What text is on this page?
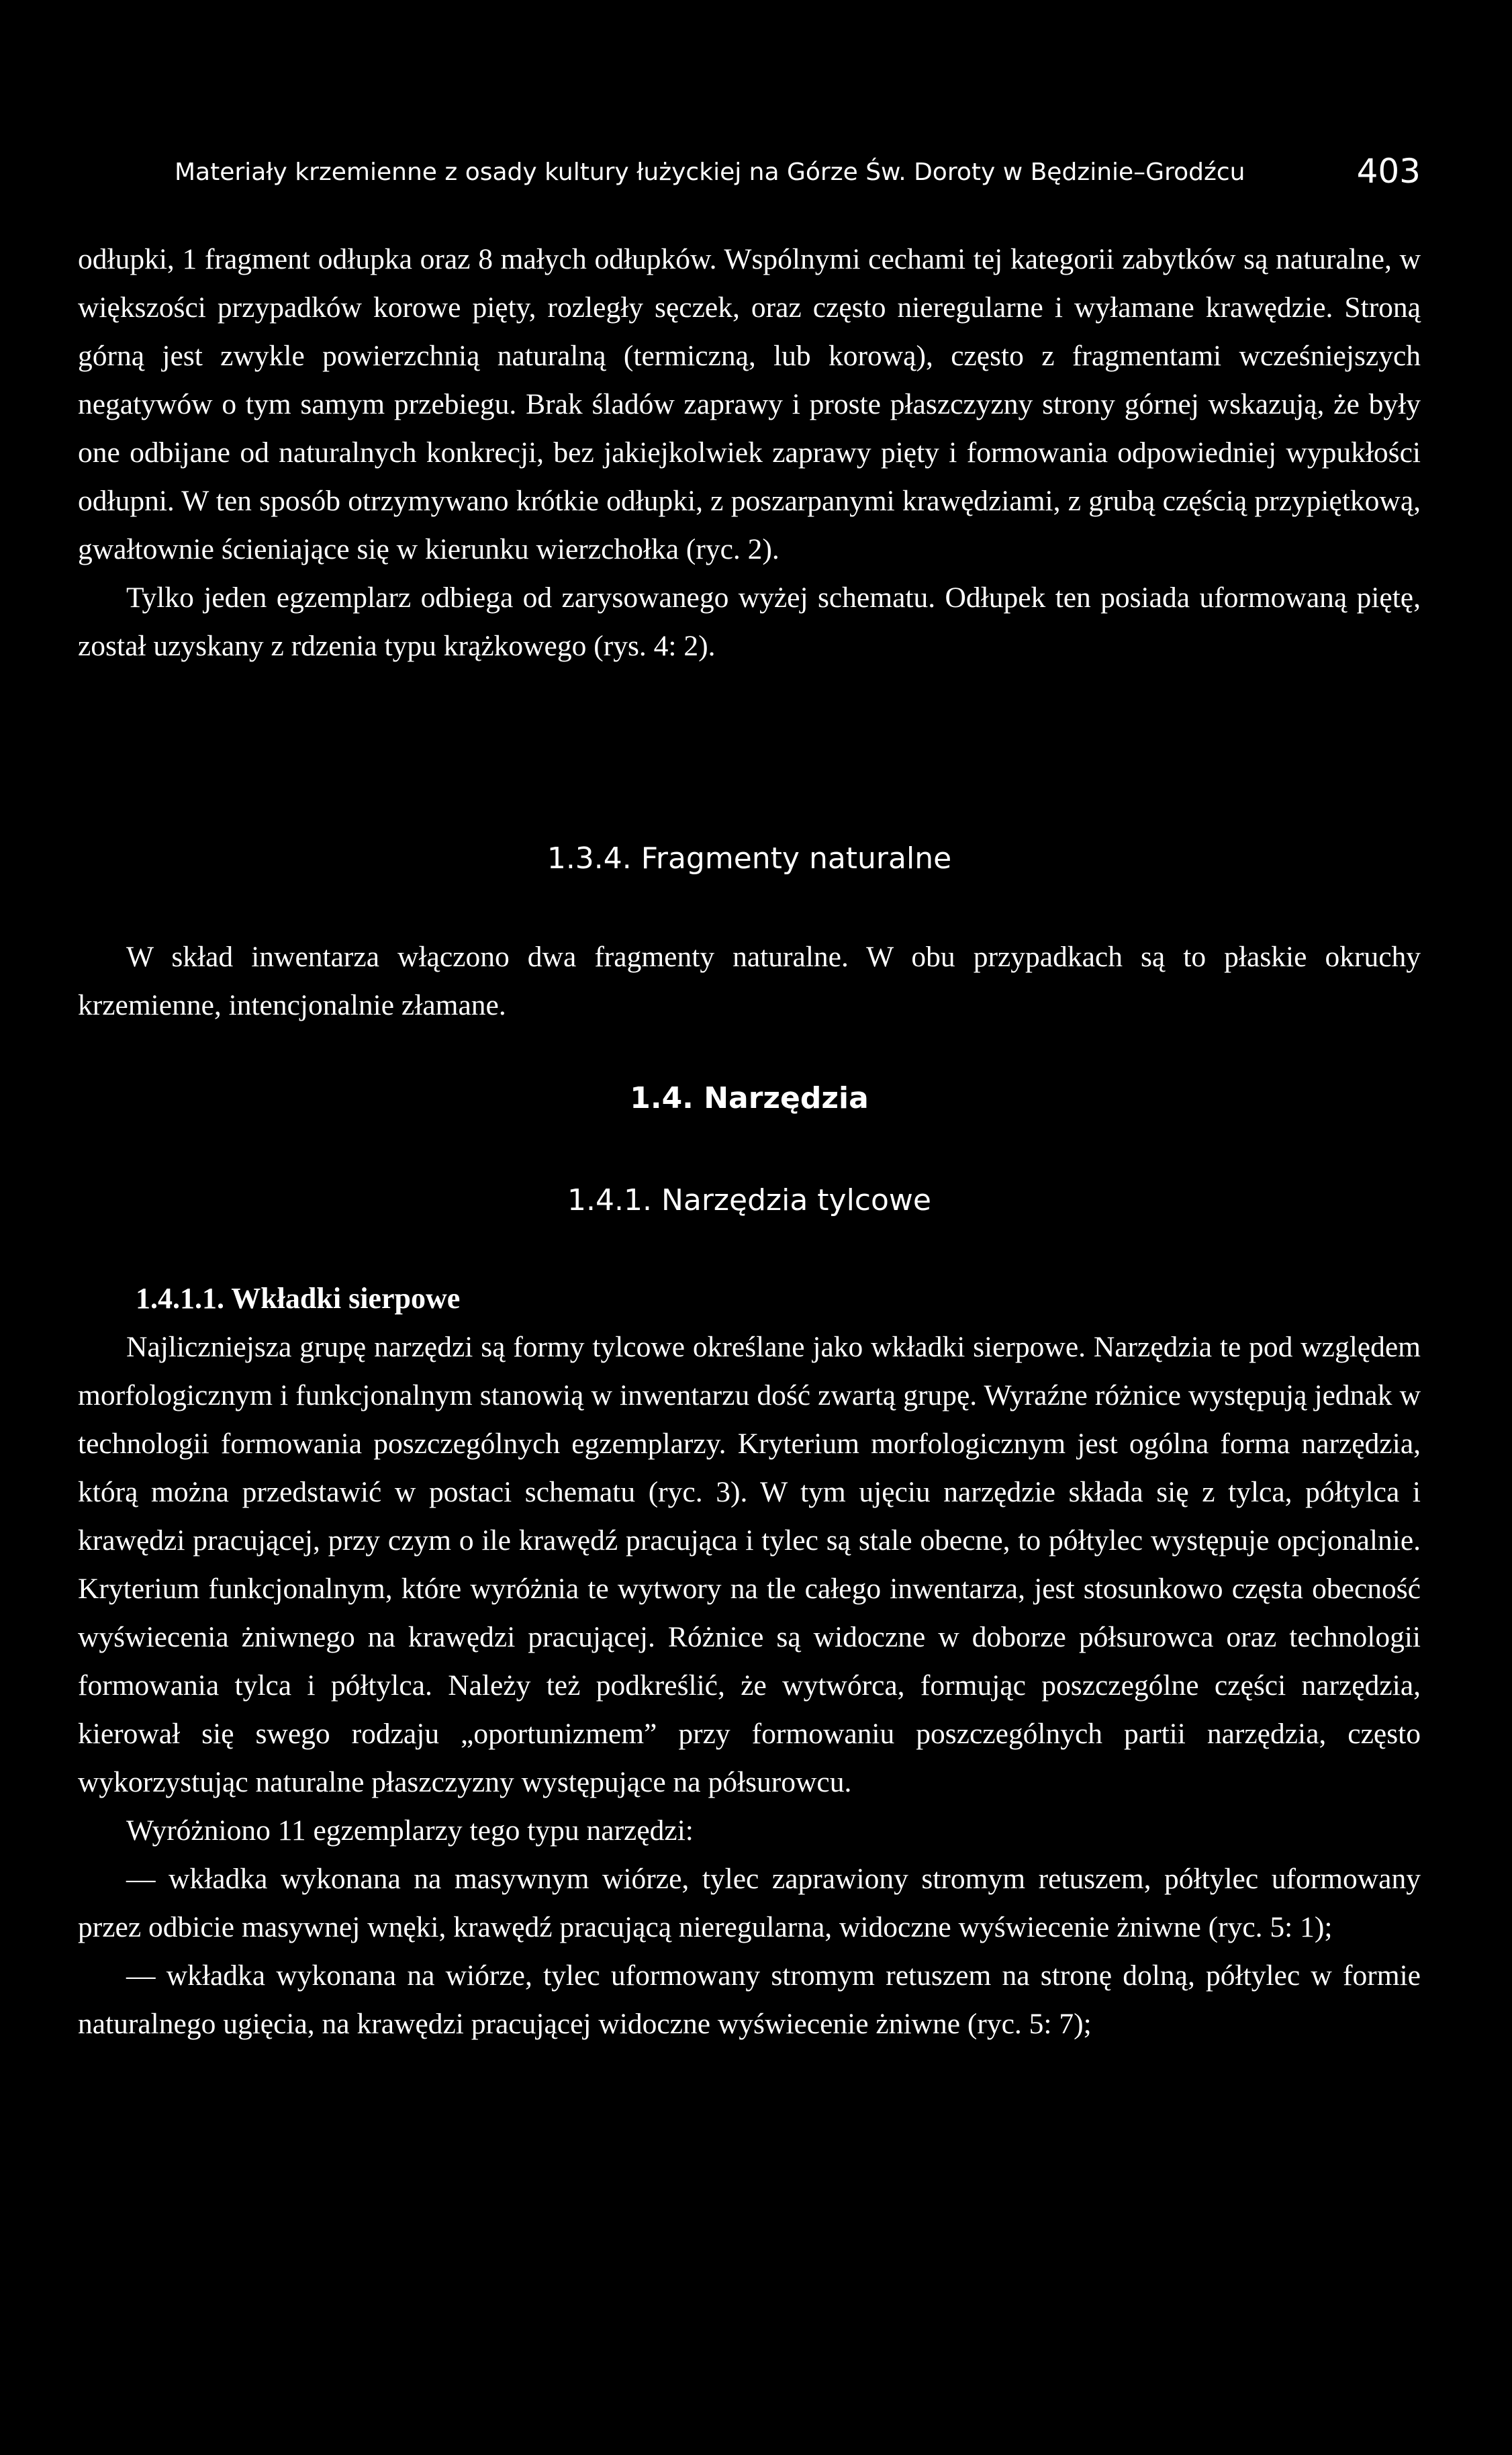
Materiały krzemienne z osady kultury łużyckiej na Górze Św. Doroty w Będzinie–Grodźcu	403

odłupki, 1 fragment odłupka oraz 8 małych odłupków. Wspólnymi cechami tej kategorii zabytków są naturalne, w większości przypadków korowe pięty, rozległy sęczek, oraz często nieregularne i wyłamane krawędzie. Stroną górną jest zwykle powierzchnią naturalną (termiczną, lub korową), często z fragmentami wcześniejszych negatywów o tym samym przebiegu. Brak śladów zaprawy i proste płaszczyzny strony górnej wskazują, że były one odbijane od naturalnych konkrecji, bez jakiejkolwiek zaprawy pięty i formowania odpowiedniej wypukłości odłupni. W ten sposób otrzymywano krótkie odłupki, z poszarpanymi krawędziami, z grubą częścią przypiętkową, gwałtownie ścieniające się w kierunku wierzchołka (ryc. 2).

Tylko jeden egzemplarz odbiega od zarysowanego wyżej schematu. Odłupek ten posiada uformowaną piętę, został uzyskany z rdzenia typu krążkowego (rys. 4: 2).

1.3.4. Fragmenty naturalne

W skład inwentarza włączono dwa fragmenty naturalne. W obu przypadkach są to płaskie okruchy krzemienne, intencjonalnie złamane.

1.4. Narzędzia
1.4.1. Narzędzia tylcowe
1.4.1.1. Wkładki sierpowe

Najliczniejsza grupę narzędzi są formy tylcowe określane jako wkładki sierpowe. Narzędzia te pod względem morfologicznym i funkcjonalnym stanowią w inwentarzu dość zwartą grupę. Wyraźne różnice występują jednak w technologii formowania poszczególnych egzemplarzy. Kryterium morfologicznym jest ogólna forma narzędzia, którą można przedstawić w postaci schematu (ryc. 3). W tym ujęciu narzędzie składa się z tylca, półtylca i krawędzi pracującej, przy czym o ile krawędź pracująca i tylec są stale obecne, to półtylec występuje opcjonalnie. Kryterium funkcjonalnym, które wyróżnia te wytwory na tle całego inwentarza, jest stosunkowo częsta obecność wyświecenia żniwnego na krawędzi pracującej. Różnice są widoczne w doborze półsurowca oraz technologii formowania tylca i półtylca. Należy też podkreślić, że wytwórca, formując poszczególne części narzędzia, kierował się swego rodzaju „oportunizmem” przy formowaniu poszczególnych partii narzędzia, często wykorzystując naturalne płaszczyzny występujące na półsurowcu.

Wyróżniono 11 egzemplarzy tego typu narzędzi:

— wkładka wykonana na masywnym wiórze, tylec zaprawiony stromym retuszem, półtylec uformowany przez odbicie masywnej wnęki, krawędź pracującą nieregularna, widoczne wyświecenie żniwne (ryc. 5: 1);

— wkładka wykonana na wiórze, tylec uformowany stromym retuszem na stronę dolną, półtylec w formie naturalnego ugięcia, na krawędzi pracującej widoczne wyświecenie żniwne (ryc. 5: 7);
